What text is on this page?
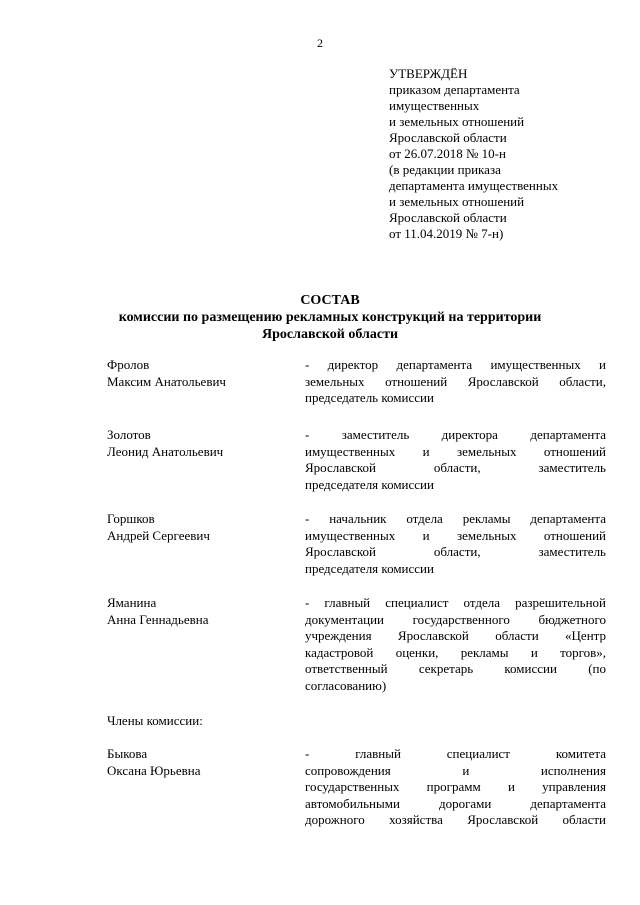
2
УТВЕРЖДЁН
приказом департамента
имущественных
и земельных отношений
Ярославской области
от 26.07.2018 № 10-н
(в редакции приказа
департамента имущественных
и земельных отношений
Ярославской области
от 11.04.2019 № 7-н)
СОСТАВ
комиссии по размещению рекламных конструкций на территории
Ярославской области
Фролов
Максим Анатольевич
- директор департамента имущественных и
земельных отношений Ярославской области,
председатель комиссии
Золотов
Леонид Анатольевич
- заместитель директора департамента
имущественных и земельных отношений
Ярославской области, заместитель
председателя комиссии
Горшков
Андрей Сергеевич
- начальник отдела рекламы департамента
имущественных и земельных отношений
Ярославской области, заместитель
председателя комиссии
Яманина
Анна Геннадьевна
- главный специалист отдела разрешительной
документации государственного бюджетного
учреждения Ярославской области «Центр
кадастровой оценки, рекламы и торгов»,
ответственный секретарь комиссии (по
согласованию)
Члены комиссии:
Быкова
Оксана Юрьевна
- главный специалист комитета
сопровождения и исполнения
государственных программ и управления
автомобильными дорогами департамента
дорожного хозяйства Ярославской области
